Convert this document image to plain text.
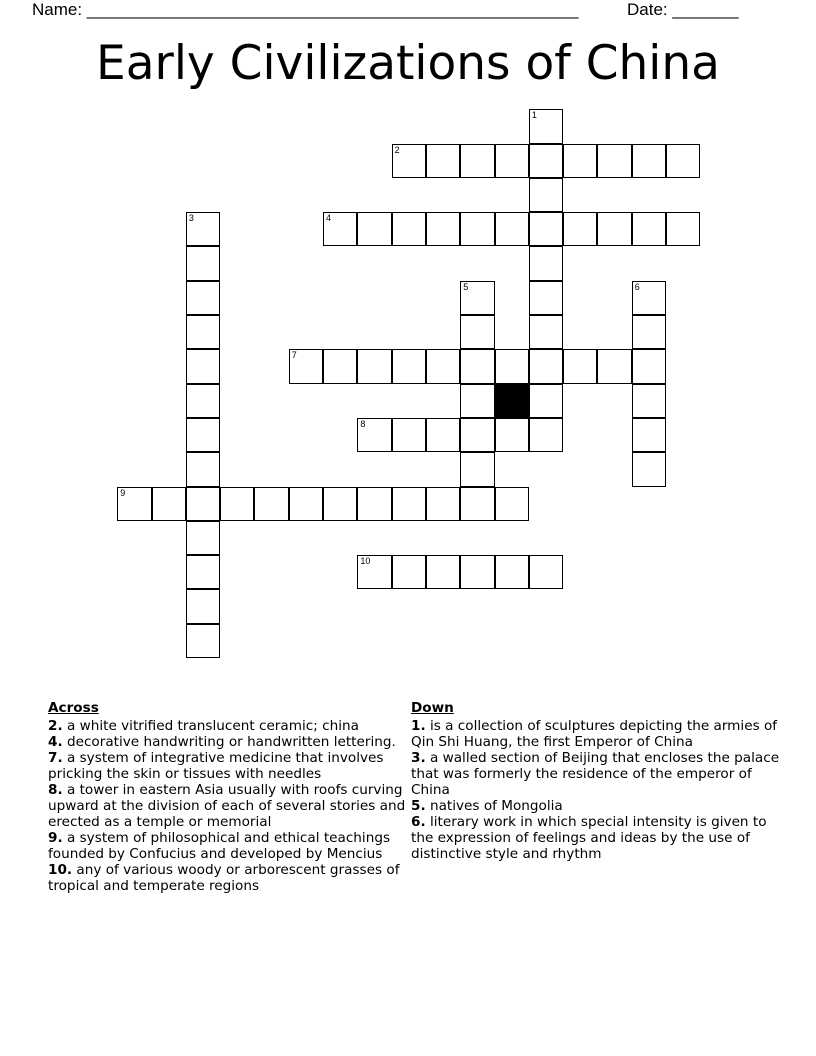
Name: ____________________________________________________	Date: _______
Early Civilizations of China
1
2
3	4
5	6
7
8
9
10
Across
2. a white vitrified translucent ceramic; china
4. decorative handwriting or handwritten lettering.
7. a system of integrative medicine that involves pricking the skin or tissues with needles
8. a tower in eastern Asia usually with roofs curving upward at the division of each of several stories and erected as a temple or memorial
9. a system of philosophical and ethical teachings founded by Confucius and developed by Mencius
10. any of various woody or arborescent grasses of tropical and temperate regions
Down
1. is a collection of sculptures depicting the armies of Qin Shi Huang, the first Emperor of China
3. a walled section of Beijing that encloses the palace that was formerly the residence of the emperor of China
5. natives of Mongolia
6. literary work in which special intensity is given to the expression of feelings and ideas by the use of distinctive style and rhythm
